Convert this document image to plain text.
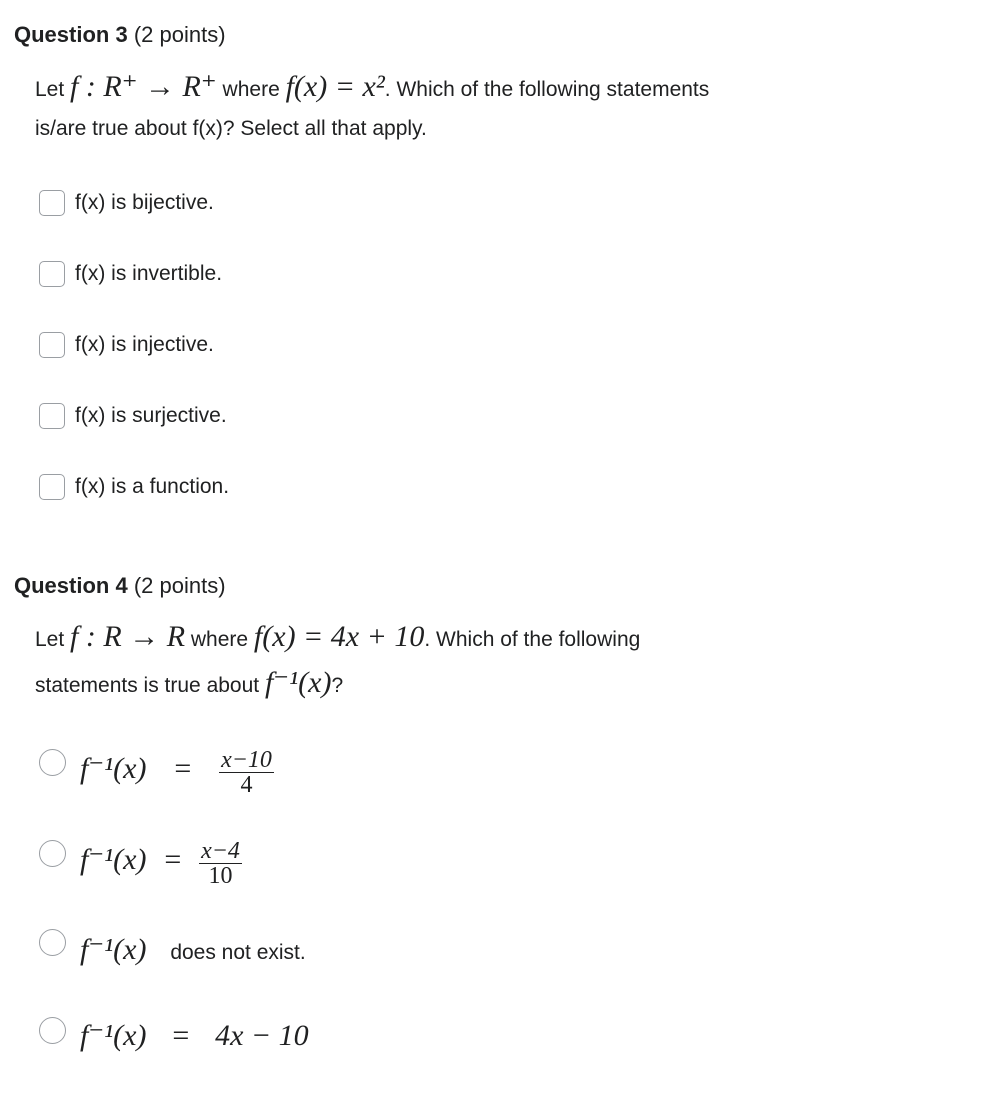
Question 3 (2 points)
Let f : R⁺ → R⁺ where f(x) = x². Which of the following statements
is/are true about f(x)? Select all that apply.
f(x) is bijective.
f(x) is invertible.
f(x) is injective.
f(x) is surjective.
f(x) is a function.
Question 4 (2 points)
Let f : R → R where f(x) = 4x + 10. Which of the following
statements is true about f⁻¹(x)?
$f^{-1}(x) = \frac{x-10}{4}$
$f^{-1}(x) = \frac{x-4}{10}$
f⁻¹(x) does not exist.
f⁻¹(x) = 4x − 10
